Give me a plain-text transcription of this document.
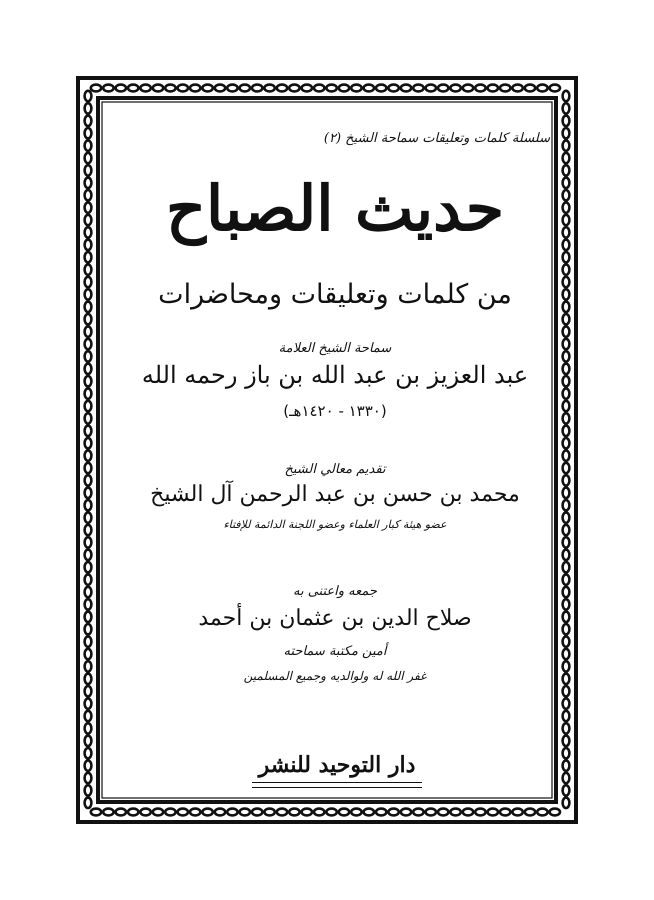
سلسلة كلمات وتعليقات سماحة الشيخ (٢)
حديث الصباح
من كلمات وتعليقات ومحاضرات
سماحة الشيخ العلامة
عبد العزيز بن عبد الله بن باز رحمه الله
(١٣٣٠ - ١٤٢٠هـ)
تقديم معالي الشيخ
محمد بن حسن بن عبد الرحمن آل الشيخ
عضو هيئة كبار العلماء وعضو اللجنة الدائمة للإفتاء
جمعه واعتنى به
صلاح الدين بن عثمان بن أحمد
أمين مكتبة سماحته
غفر الله له ولوالديه وجميع المسلمين
دار التوحيد للنشر
